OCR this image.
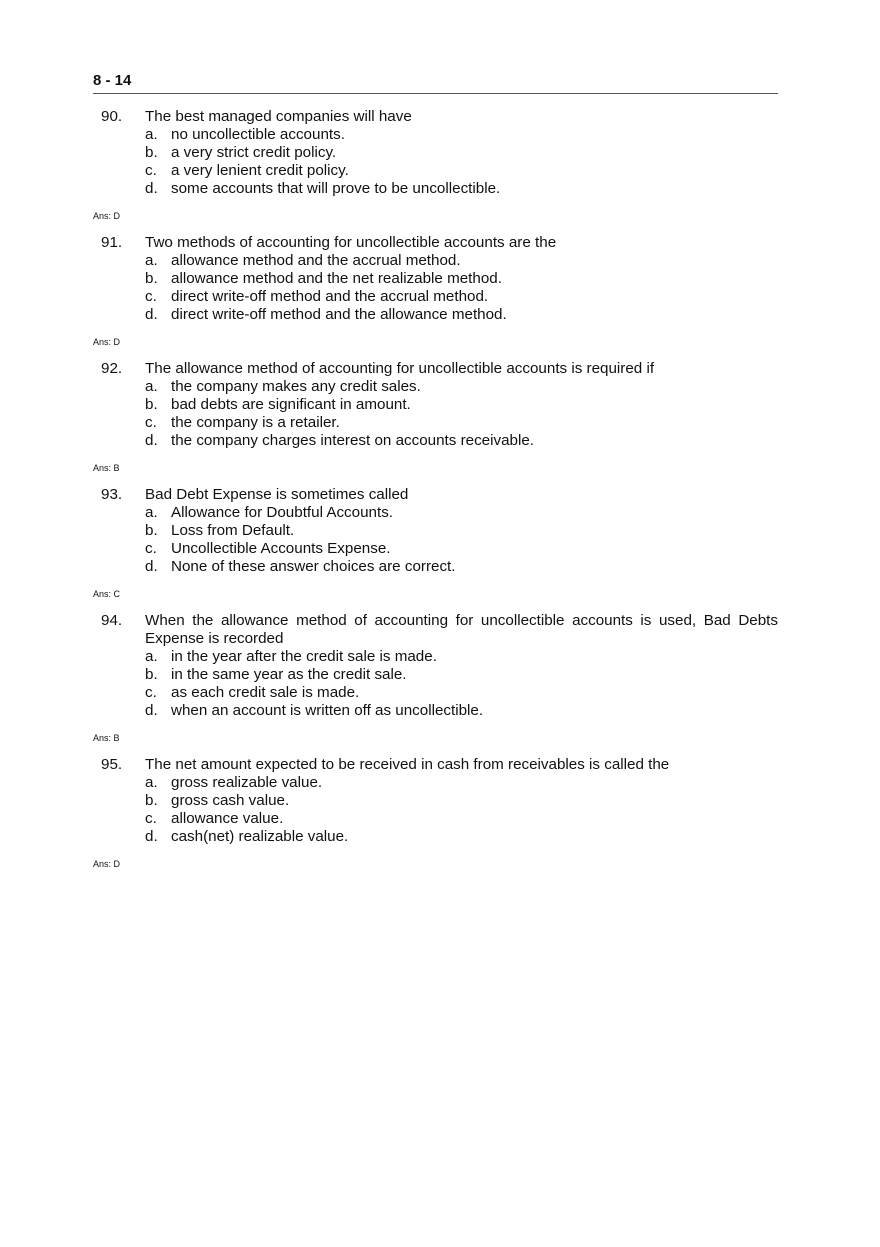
8 - 14
90.	The best managed companies will have
a. no uncollectible accounts.
b. a very strict credit policy.
c. a very lenient credit policy.
d. some accounts that will prove to be uncollectible.
Ans: D
91.	Two methods of accounting for uncollectible accounts are the
a. allowance method and the accrual method.
b. allowance method and the net realizable method.
c. direct write-off method and the accrual method.
d. direct write-off method and the allowance method.
Ans: D
92.	The allowance method of accounting for uncollectible accounts is required if
a. the company makes any credit sales.
b. bad debts are significant in amount.
c. the company is a retailer.
d. the company charges interest on accounts receivable.
Ans: B
93.	Bad Debt Expense is sometimes called
a. Allowance for Doubtful Accounts.
b. Loss from Default.
c. Uncollectible Accounts Expense.
d. None of these answer choices are correct.
Ans: C
94.	When the allowance method of accounting for uncollectible accounts is used, Bad Debts Expense is recorded
a. in the year after the credit sale is made.
b. in the same year as the credit sale.
c. as each credit sale is made.
d. when an account is written off as uncollectible.
Ans: B
95.	The net amount expected to be received in cash from receivables is called the
a. gross realizable value.
b. gross cash value.
c. allowance value.
d. cash(net) realizable value.
Ans: D
